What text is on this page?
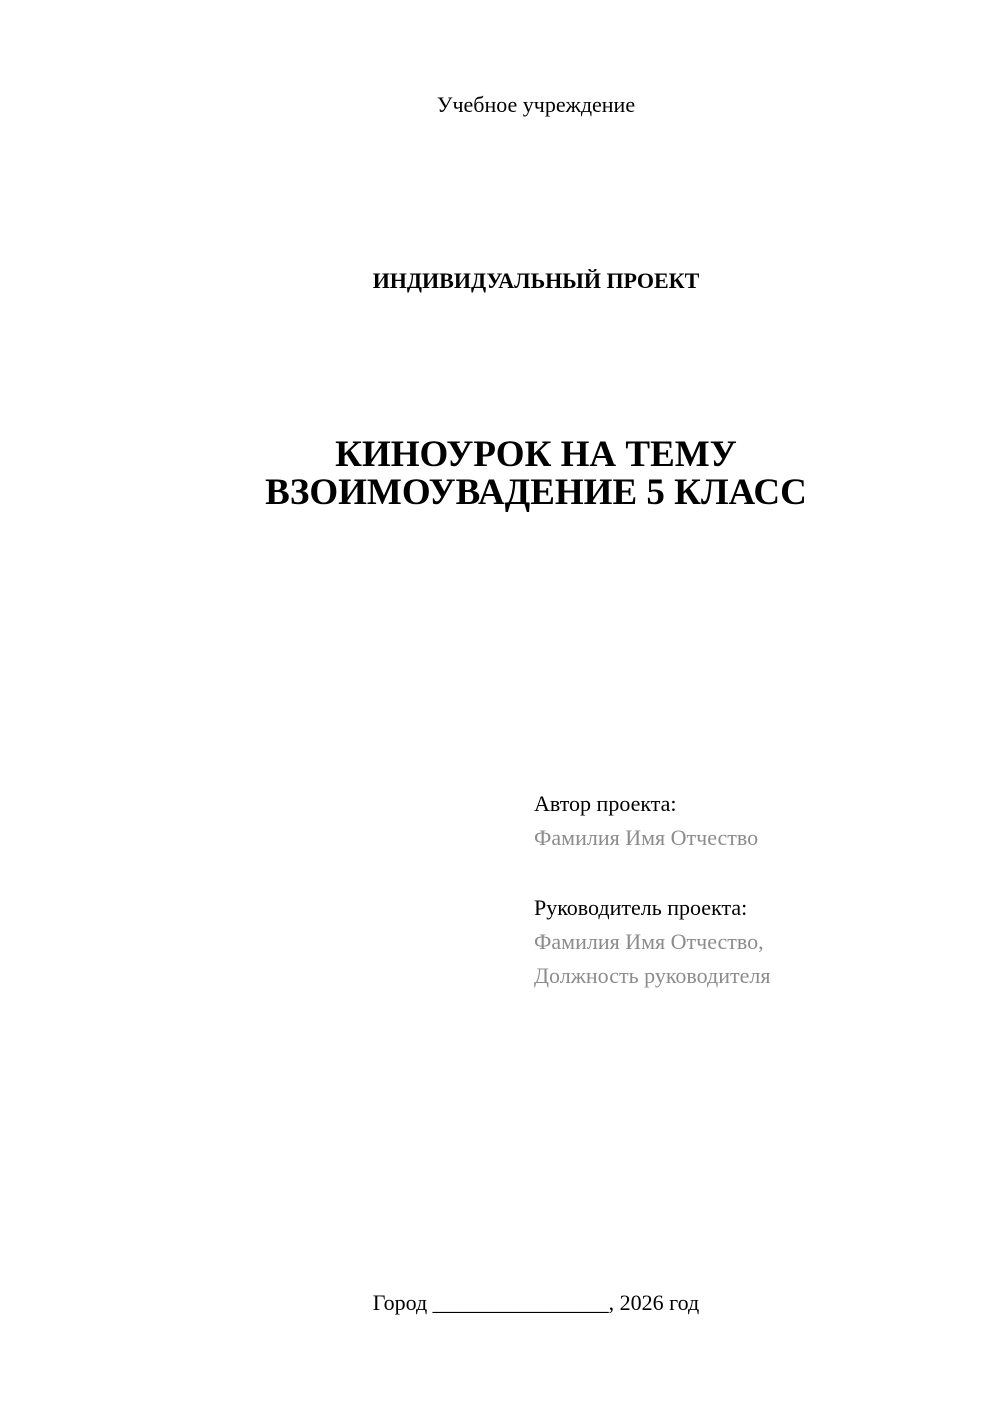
Учебное учреждение
ИНДИВИДУАЛЬНЫЙ ПРОЕКТ
КИНОУРОК НА ТЕМУ
ВЗОИМОУВАДЕНИЕ 5 КЛАСС
Автор проекта:
Фамилия Имя Отчество
Руководитель проекта:
Фамилия Имя Отчество,
Должность руководителя
Город ________________, 2026 год
